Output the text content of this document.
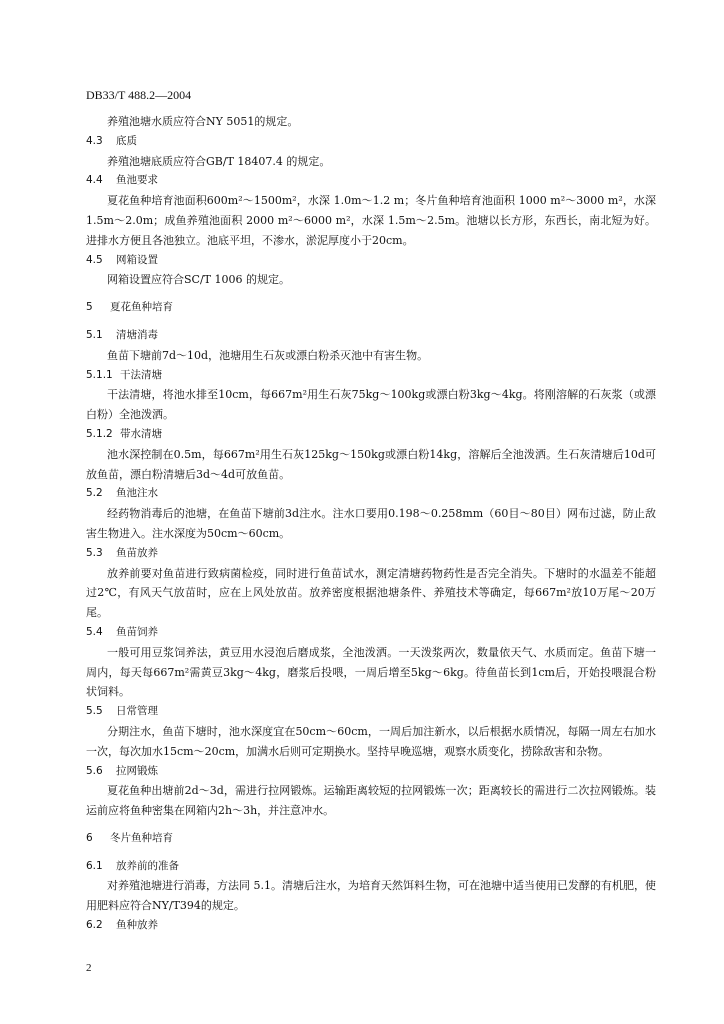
DB33/T 488.2—2004
养殖池塘水质应符合NY 5051的规定。
4.3 底质
养殖池塘底质应符合GB/T 18407.4 的规定。
4.4 鱼池要求
夏花鱼种培育池面积600m²～1500m²，水深 1.0m～1.2 m；冬片鱼种培育池面积 1000 m²～3000 m²，水深 1.5m～2.0m；成鱼养殖池面积 2000 m²～6000 m²，水深 1.5m～2.5m。池塘以长方形，东西长，南北短为好。进排水方便且各池独立。池底平坦，不渗水，淤泥厚度小于20cm。
4.5 网箱设置
网箱设置应符合SC/T 1006 的规定。
5 夏花鱼种培育
5.1 清塘消毒
鱼苗下塘前7d～10d，池塘用生石灰或漂白粉杀灭池中有害生物。
5.1.1 干法清塘
干法清塘，将池水排至10cm，每667m²用生石灰75kg～100kg或漂白粉3kg～4kg。将刚溶解的石灰浆（或漂白粉）全池泼洒。
5.1.2 带水清塘
池水深控制在0.5m，每667m²用生石灰125kg～150kg或漂白粉14kg，溶解后全池泼洒。生石灰清塘后10d可放鱼苗，漂白粉清塘后3d～4d可放鱼苗。
5.2 鱼池注水
经药物消毒后的池塘，在鱼苗下塘前3d注水。注水口要用0.198～0.258mm（60目～80目）网布过滤，防止敌害生物进入。注水深度为50cm～60cm。
5.3 鱼苗放养
放养前要对鱼苗进行致病菌检疫，同时进行鱼苗试水，测定清塘药物药性是否完全消失。下塘时的水温差不能超过2℃，有风天气放苗时，应在上风处放苗。放养密度根据池塘条件、养殖技术等确定，每667m²放10万尾～20万尾。
5.4 鱼苗饲养
一般可用豆浆饲养法，黄豆用水浸泡后磨成浆，全池泼洒。一天泼浆两次，数量依天气、水质而定。鱼苗下塘一周内，每天每667m²需黄豆3kg～4kg，磨浆后投喂，一周后增至5kg～6kg。待鱼苗长到1cm后，开始投喂混合粉状饲料。
5.5 日常管理
分期注水，鱼苗下塘时，池水深度宜在50cm～60cm，一周后加注新水，以后根据水质情况，每隔一周左右加水一次，每次加水15cm～20cm，加满水后则可定期换水。坚持早晚巡塘，观察水质变化，捞除敌害和杂物。
5.6 拉网锻炼
夏花鱼种出塘前2d～3d，需进行拉网锻炼。运输距离较短的拉网锻炼一次；距离较长的需进行二次拉网锻炼。装运前应将鱼种密集在网箱内2h～3h，并注意冲水。
6 冬片鱼种培育
6.1 放养前的准备
对养殖池塘进行消毒，方法同 5.1。清塘后注水，为培育天然饵料生物，可在池塘中适当使用已发酵的有机肥，使用肥料应符合NY/T394的规定。
6.2 鱼种放养
2
